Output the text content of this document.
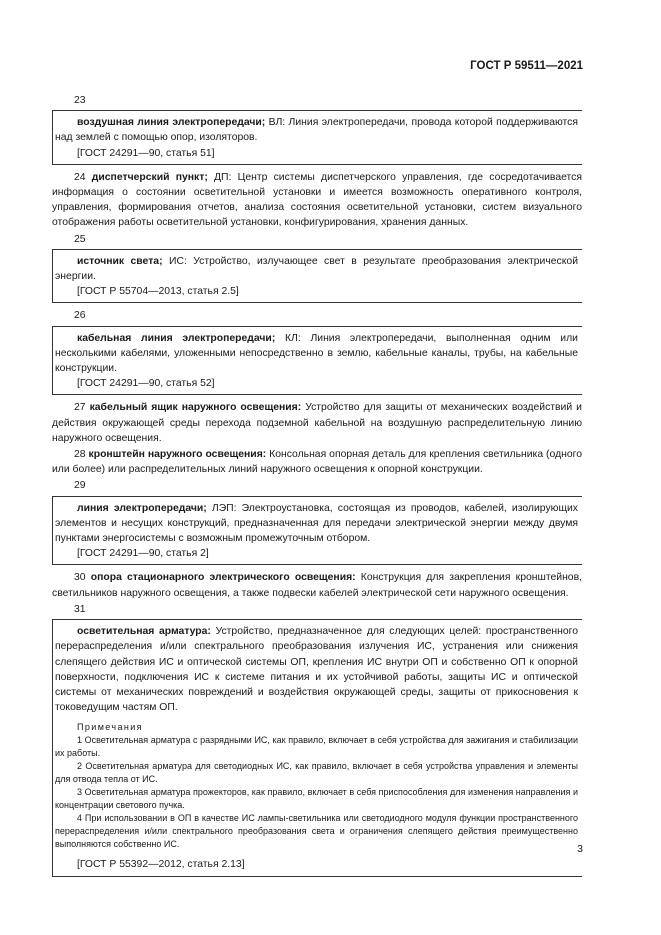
ГОСТ Р 59511—2021
23

воздушная линия электропередачи; ВЛ: Линия электропередачи, провода которой поддерживаются над землей с помощью опор, изоляторов.

[ГОСТ 24291—90, статья 51]

24 диспетчерский пункт; ДП: Центр системы диспетчерского управления, где сосредотачивается информация о состоянии осветительной установки и имеется возможность оперативного контроля, управления, формирования отчетов, анализа состояния осветительной установки, систем визуального отображения работы осветительной установки, конфигурирования, хранения данных.

25

источник света; ИС: Устройство, излучающее свет в результате преобразования электрической энергии.

[ГОСТ Р 55704—2013, статья 2.5]

26

кабельная линия электропередачи; КЛ: Линия электропередачи, выполненная одним или несколькими кабелями, уложенными непосредственно в землю, кабельные каналы, трубы, на кабельные конструкции.

[ГОСТ 24291—90, статья 52]

27 кабельный ящик наружного освещения: Устройство для защиты от механических воздействий и действия окружающей среды перехода подземной кабельной на воздушную распределительную линию наружного освещения.

28 кронштейн наружного освещения: Консольная опорная деталь для крепления светильника (одного или более) или распределительных линий наружного освещения к опорной конструкции.

29

линия электропередачи; ЛЭП: Электроустановка, состоящая из проводов, кабелей, изолирующих элементов и несущих конструкций, предназначенная для передачи электрической энергии между двумя пунктами энергосистемы с возможным промежуточным отбором.

[ГОСТ 24291—90, статья 2]

30 опора стационарного электрического освещения: Конструкция для закрепления кронштейнов, светильников наружного освещения, а также подвески кабелей электрической сети наружного освещения.

31

осветительная арматура: Устройство, предназначенное для следующих целей: пространственного перераспределения и/или спектрального преобразования излучения ИС, устранения или снижения слепящего действия ИС и оптической системы ОП, крепления ИС внутри ОП и собственно ОП к опорной поверхности, подключения ИС к системе питания и их устойчивой работы, защиты ИС и оптической системы от механических повреждений и воздействия окружающей среды, защиты от прикосновения к токоведущим частям ОП.

Примечания

1 Осветительная арматура с разрядными ИС, как правило, включает в себя устройства для зажигания и стабилизации их работы.

2 Осветительная арматура для светодиодных ИС, как правило, включает в себя устройства управления и элементы для отвода тепла от ИС.

3 Осветительная арматура прожекторов, как правило, включает в себя приспособления для изменения направления и концентрации светового пучка.

4 При использовании в ОП в качестве ИС лампы-светильника или светодиодного модуля функции пространственного перераспределения и/или спектрального преобразования света и ограничения слепящего действия преимущественно выполняются собственно ИС.

[ГОСТ Р 55392—2012, статья 2.13]

3
